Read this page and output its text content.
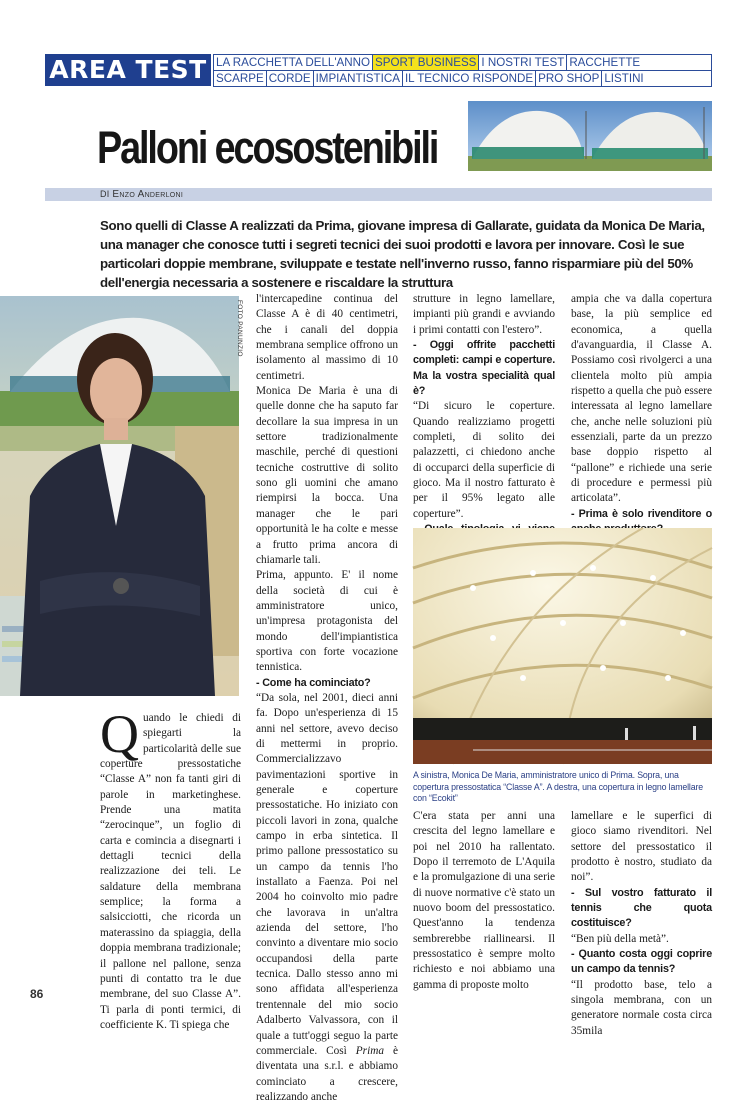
AREA TEST LA RACCHETTA DELL'ANNO SPORT BUSINESS I NOSTRI TEST RACCHETTE
SCARPE CORDE IMPIANTISTICA IL TECNICO RISPONDE PRO SHOP LISTINI
Palloni ecosostenibili
DI Enzo Anderloni

Sono quelli di Classe A realizzati da Prima, giovane impresa di Gallarate, guidata da Monica De Maria, una manager che conosce tutti i segreti tecnici dei suoi prodotti e lavora per innovare. Così le sue particolari doppie membrane, sviluppate e testate nell'inverno russo, fanno risparmiare più del 50% dell'energia necessaria a sostenere e riscaldare la struttura

FOTO PANUNZIO
Q uando le chiedi di spiegarti la particolarità delle sue coperture pressostatiche “Classe A” non fa tanti giri di parole in marketinghese. Prende una matita “zerocinque”, un foglio di carta e comincia a disegnarti i dettagli tecnici della realizzazione dei teli. Le saldature della membrana semplice; la forma a salsicciotti, che ricorda un materassino da spiaggia, della doppia membrana tradizionale; il pallone nel pallone, senza punti di contatto tra le due membrane, del suo Classe A”. Ti parla di ponti termici, di coefficiente K. Ti spiega che

l'intercapedine continua del Classe A è di 40 centimetri, che i canali del doppia membrana semplice offrono un isolamento al massimo di 10 centimetri.

Monica De Maria è una di quelle donne che ha saputo far decollare la sua impresa in un settore tradizionalmente maschile, perché di questioni tecniche costruttive di solito sono gli uomini che amano riempirsi la bocca. Una manager che le pari opportunità le ha colte e messe a frutto prima ancora di chiamarle tali.

Prima, appunto. E' il nome della società di cui è amministratore unico, un'impresa protagonista del mondo dell'impiantistica sportiva con forte vocazione tennistica.

- Come ha cominciato?

“Da sola, nel 2001, dieci anni fa. Dopo un'esperienza di 15 anni nel settore, avevo deciso di mettermi in proprio. Commercializzavo pavimentazioni sportive in generale e coperture pressostatiche. Ho iniziato con piccoli lavori in zona, qualche campo in erba sintetica. Il primo pallone pressostatico su un campo da tennis l'ho installato a Faenza. Poi nel 2004 ho coinvolto mio padre che lavorava in un'altra azienda del settore, l'ho convinto a diventare mio socio occupandosi della parte tecnica. Dallo stesso anno mi sono affidata all'esperienza trentennale del mio socio Adalberto Valvassora, con il quale a tutt'oggi seguo la parte commerciale. Così Prima è diventata una s.r.l. e abbiamo cominciato a crescere, realizzando anche

strutture in legno lamellare, impianti più grandi e avviando i primi contatti con l'estero”.

- Oggi offrite pacchetti completi: campi e coperture. Ma la vostra specialità qual è?

“Di sicuro le coperture. Quando realizziamo progetti completi, di solito dei palazzetti, ci chiedono anche di occuparci della superficie di gioco. Ma il nostro fatturato è per il 95% legato alle coperture”.

ampia che va dalla copertura base, la più semplice ed economica, a quella d'avanguardia, il Classe A. Possiamo così rivolgerci a una clientela molto più ampia rispetto a quella che può essere interessata al legno lamellare che, anche nelle soluzioni più essenziali, parte da un prezzo base doppio rispetto al “pallone” e richiede una serie di procedure e permessi più articolata”.

- Prima è solo rivenditore o

A sinistra, Monica De Maria, amministratore unico di Prima. Sopra, una copertura pressostatica “Classe A”. A destra, una copertura in legno lamellare con “Ecokit”

C'era stata per anni una crescita del legno lamellare e poi nel 2010 ha rallentato. Dopo il terremoto de L'Aquila e la promulgazione di una serie di nuove normative c'è stato un nuovo boom del pressostatico. Quest'anno la tendenza sembrerebbe riallinearsi. Il pressostatico è sempre molto richiesto e noi abbiamo una gamma di proposte molto

lamellare e le superfici di gioco siamo rivenditori. Nel settore del pressostatico il prodotto è nostro, studiato da noi”.

- Sul vostro fatturato il tennis che quota costituisce?

“Ben più della metà”.

- Quanto costa oggi coprire un campo da tennis?

“Il prodotto base, telo a singola membrana, con un generatore normale costa circa 35mila

86
